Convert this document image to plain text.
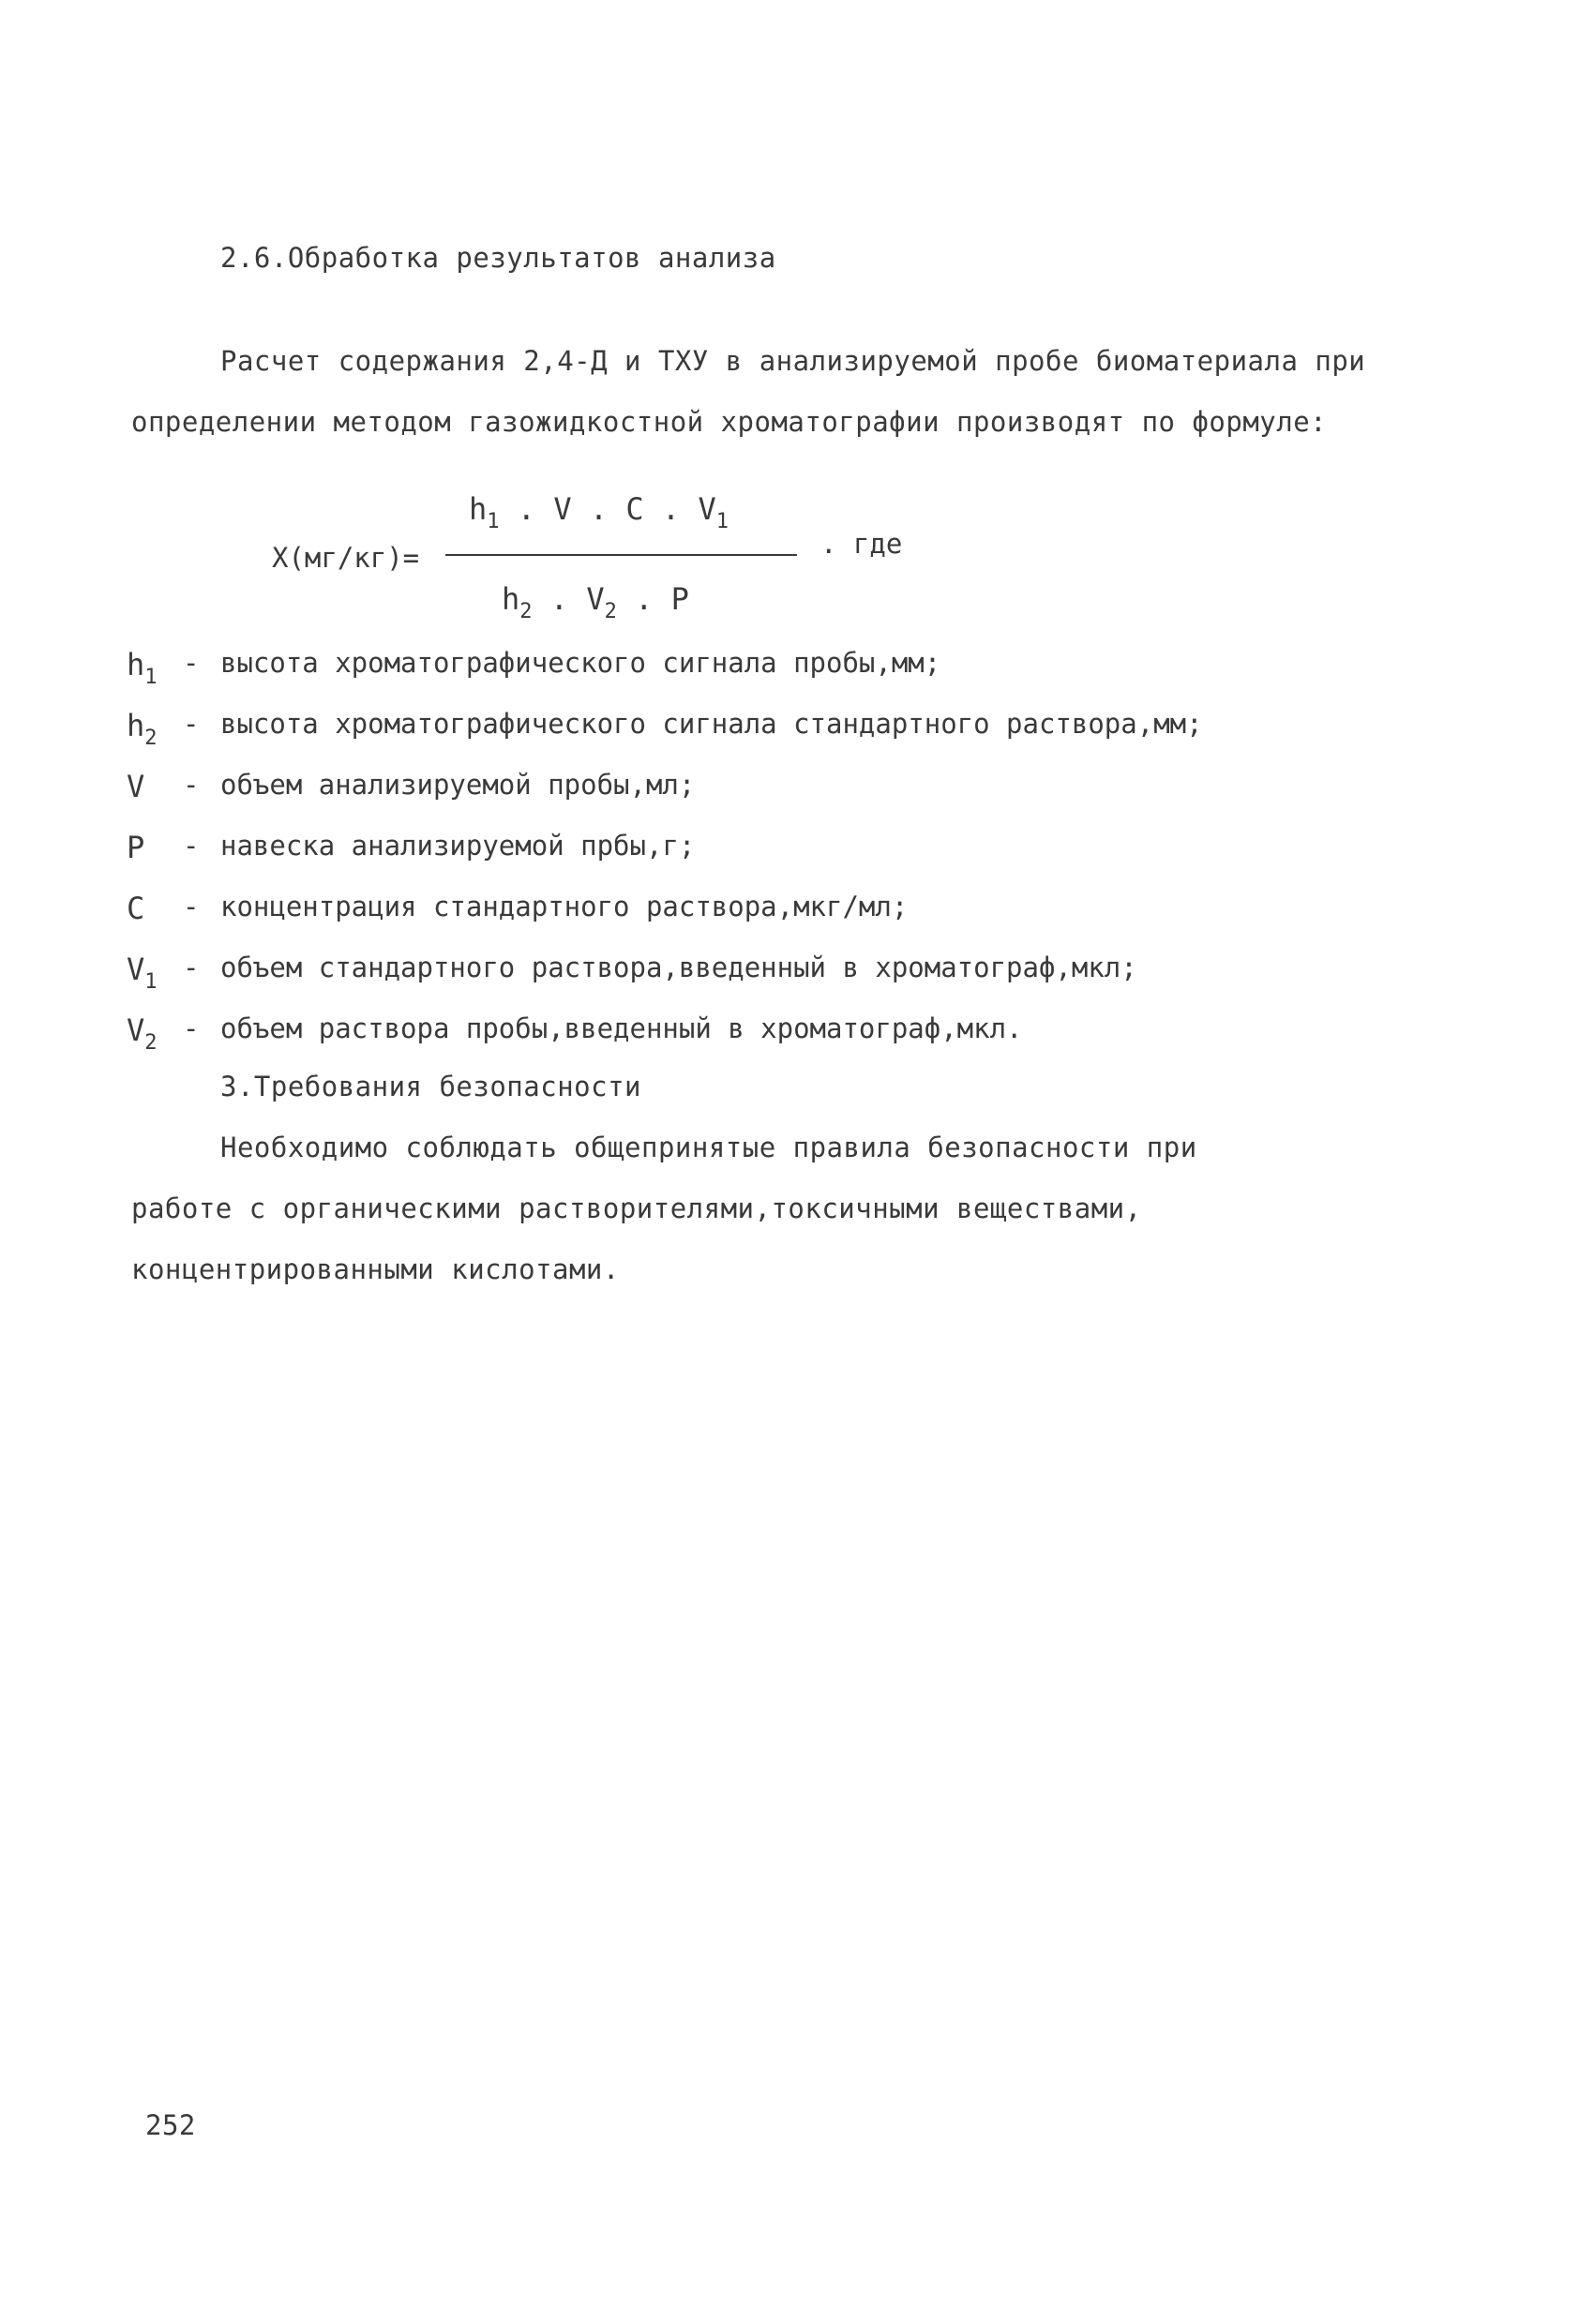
2.6.Обработка результатов анализа
Расчет содержания 2,4-Д и ТХУ в анализируемой пробе биоматериала при
определении методом газожидкостной хроматографии производят по формуле:
Х(мг/кг)=
$h_1$ . V . C . $V_1$
$h_2$ . $V_2$ . P
. где
$h_1$ - высота хроматографического сигнала пробы,мм;
$h_2$ - высота хроматографического сигнала стандартного раствора,мм;
V	- объем анализируемой пробы,мл;
P	- навеска анализируемой прбы,г;
C	- концентрация стандартного раствора,мкг/мл;
$V_1$ - объем стандартного раствора,введенный в хроматограф,мкл;
$V_2$ - объем раствора пробы,введенный в хроматограф,мкл.
3.Требования безопасности
Необходимо соблюдать общепринятые правила безопасности при
работе с органическими растворителями,токсичными веществами,
концентрированными кислотами.
252
